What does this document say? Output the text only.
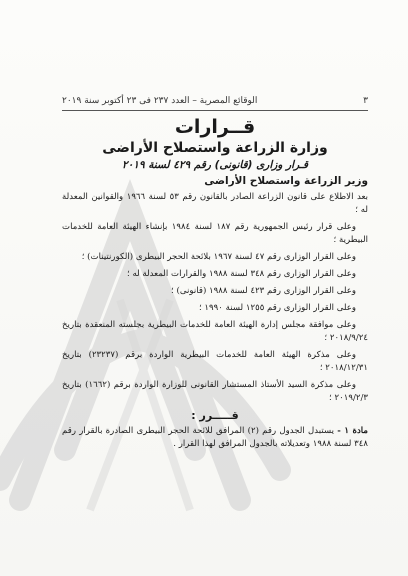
٣
الوقائع المصرية – العدد ٢٣٧ فى ٢٣ أكتوبر سنة ٢٠١٩
قــرارات
وزارة الزراعة واستصلاح الأراضى
قـرار وزارى (قانونى) رقم ٤٢٩ لسنة ٢٠١٩
وزير الزراعة واستصلاح الأراضى

بعد الاطلاع على قانون الزراعة الصادر بالقانون رقم ٥٣ لسنة ١٩٦٦ والقوانين المعدلة له ؛

وعلى قرار رئيس الجمهورية رقم ١٨٧ لسنة ١٩٨٤ بإنشاء الهيئة العامة للخدمات البيطرية ؛

وعلى القرار الوزارى رقم ٤٧ لسنة ١٩٦٧ بلائحة الحجر البيطرى (الكورنتينات) ؛

وعلى القرار الوزارى رقم ٣٤٨ لسنة ١٩٨٨ والقرارات المعدلة له ؛

وعلى القرار الوزارى رقم ٤٢٣ لسنة ١٩٨٨ (قانونى) ؛

وعلى القرار الوزارى رقم ١٢٥٥ لسنة ١٩٩٠ ؛

وعلى موافقة مجلس إدارة الهيئة العامة للخدمات البيطرية بجلسته المنعقدة بتاريخ ٢٠١٨/٩/٢٤ ؛

وعلى مذكرة الهيئة العامة للخدمات البيطرية الواردة برقم (٢٣٢٣٧) بتاريخ ٢٠١٨/١٢/٣١ ؛

وعلى مذكرة السيد الأستاذ المستشار القانونى للوزارة الواردة برقم (١٦٦٢) بتاريخ ٢٠١٩/٢/٣ ؛

قـــــرر :

مادة ١ - يستبدل الجدول رقم (٢) المرافق للائحة الحجر البيطرى الصادرة بالقرار رقم ٣٤٨ لسنة ١٩٨٨ وتعديلاته بالجدول المرافق لهذا القرار .
